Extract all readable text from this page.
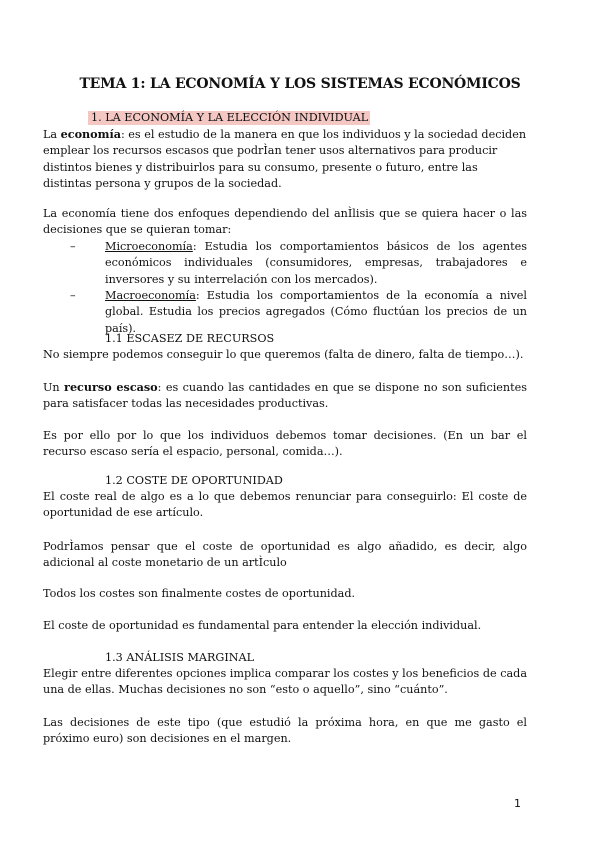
TEMA 1: LA ECONOMÍA Y LOS SISTEMAS ECONÓMICOS
1. LA ECONOMÍA Y LA ELECCIÓN INDIVIDUAL
La economía: es el estudio de la manera en que los individuos y la sociedad deciden emplear los recursos escasos que podrÌan tener usos alternativos para producir distintos bienes y distribuirlos para su consumo, presente o futuro, entre las distintas persona y grupos de la sociedad.
La economía tiene dos enfoques dependiendo del anÌlisis que se quiera hacer o las decisiones que se quieran tomar:
–	Microeconomía: Estudia los comportamientos básicos de los agentes económicos individuales (consumidores, empresas, trabajadores e inversores y su interrelación con los mercados).
–	Macroeconomía: Estudia los comportamientos de la economía a nivel global. Estudia los precios agregados (Cómo fluctúan los precios de un país).
1.1 ESCASEZ DE RECURSOS
No siempre podemos conseguir lo que queremos (falta de dinero, falta de tiempo…).
Un recurso escaso: es cuando las cantidades en que se dispone no son suficientes para satisfacer todas las necesidades productivas.
Es por ello por lo que los individuos debemos tomar decisiones. (En un bar el recurso escaso sería el espacio, personal, comida…).
1.2 COSTE DE OPORTUNIDAD
El coste real de algo es a lo que debemos renunciar para conseguirlo: El coste de oportunidad de ese artículo.
PodrÌamos pensar que el coste de oportunidad es algo añadido, es decir, algo adicional al coste monetario de un artÌculo
Todos los costes son finalmente costes de oportunidad.
El coste de oportunidad es fundamental para entender la elección individual.
1.3 ANÁLISIS MARGINAL
Elegir entre diferentes opciones implica comparar los costes y los beneficios de cada una de ellas. Muchas decisiones no son “esto o aquello”, sino “cuánto”.
Las decisiones de este tipo (que estudió la próxima hora, en que me gasto el próximo euro) son decisiones en el margen.
1
